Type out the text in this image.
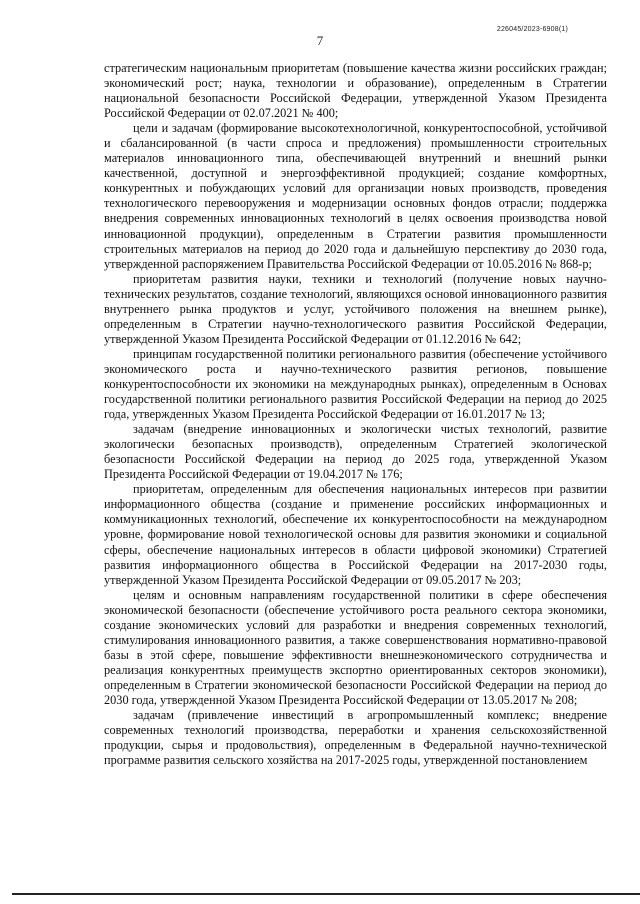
226045/2023-6908(1)
7

стратегическим национальным приоритетам (повышение качества жизни российских граждан; экономический рост; наука, технологии и образование), определенным в Стратегии национальной безопасности Российской Федерации, утвержденной Указом Президента Российской Федерации от 02.07.2021 № 400;

цели и задачам (формирование высокотехнологичной, конкурентоспособной, устойчивой и сбалансированной (в части спроса и предложения) промышленности строительных материалов инновационного типа, обеспечивающей внутренний и внешний рынки качественной, доступной и энергоэффективной продукцией; создание комфортных, конкурентных и побуждающих условий для организации новых производств, проведения технологического перевооружения и модернизации основных фондов отрасли; поддержка внедрения современных инновационных технологий в целях освоения производства новой инновационной продукции), определенным в Стратегии развития промышленности строительных материалов на период до 2020 года и дальнейшую перспективу до 2030 года, утвержденной распоряжением Правительства Российской Федерации от 10.05.2016 № 868-р;

приоритетам развития науки, техники и технологий (получение новых научно-технических результатов, создание технологий, являющихся основой инновационного развития внутреннего рынка продуктов и услуг, устойчивого положения на внешнем рынке), определенным в Стратегии научно-технологического развития Российской Федерации, утвержденной Указом Президента Российской Федерации от 01.12.2016 № 642;

принципам государственной политики регионального развития (обеспечение устойчивого экономического роста и научно-технического развития регионов, повышение конкурентоспособности их экономики на международных рынках), определенным в Основах государственной политики регионального развития Российской Федерации на период до 2025 года, утвержденных Указом Президента Российской Федерации от 16.01.2017 № 13;

задачам (внедрение инновационных и экологически чистых технологий, развитие экологически безопасных производств), определенным Стратегией экологической безопасности Российской Федерации на период до 2025 года, утвержденной Указом Президента Российской Федерации от 19.04.2017 № 176;

приоритетам, определенным для обеспечения национальных интересов при развитии информационного общества (создание и применение российских информационных и коммуникационных технологий, обеспечение их конкурентоспособности на международном уровне, формирование новой технологической основы для развития экономики и социальной сферы, обеспечение национальных интересов в области цифровой экономики) Стратегией развития информационного общества в Российской Федерации на 2017-2030 годы, утвержденной Указом Президента Российской Федерации от 09.05.2017 № 203;

целям и основным направлениям государственной политики в сфере обеспечения экономической безопасности (обеспечение устойчивого роста реального сектора экономики, создание экономических условий для разработки и внедрения современных технологий, стимулирования инновационного развития, а также совершенствования нормативно-правовой базы в этой сфере, повышение эффективности внешнеэкономического сотрудничества и реализация конкурентных преимуществ экспортно ориентированных секторов экономики), определенным в Стратегии экономической безопасности Российской Федерации на период до 2030 года, утвержденной Указом Президента Российской Федерации от 13.05.2017 № 208;

задачам (привлечение инвестиций в агропромышленный комплекс; внедрение современных технологий производства, переработки и хранения сельскохозяйственной продукции, сырья и продовольствия), определенным в Федеральной научно-технической программе развития сельского хозяйства на 2017-2025 годы, утвержденной постановлением
